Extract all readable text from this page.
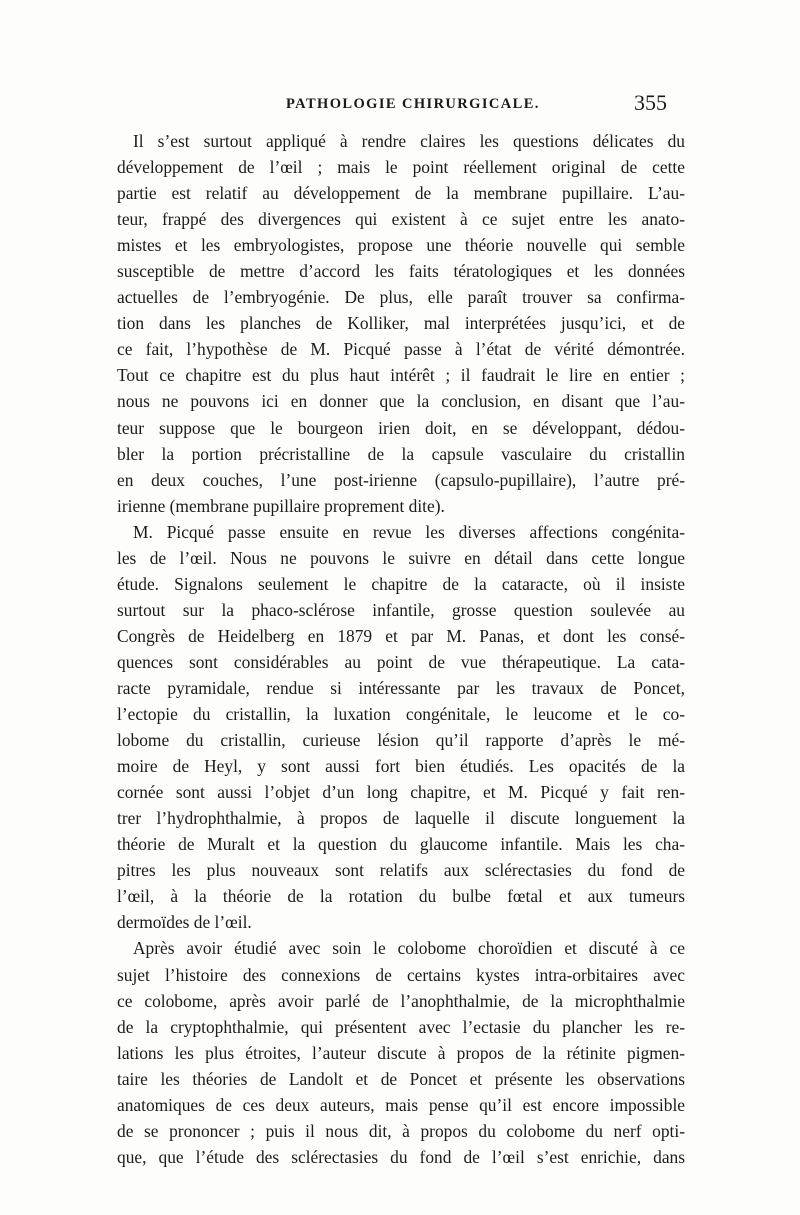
PATHOLOGIE CHIRURGICALE.	355
Il s’est surtout appliqué à rendre claires les questions délicates du
développement de l’œil ; mais le point réellement original de cette
partie est relatif au développement de la membrane pupillaire. L’au-
teur, frappé des divergences qui existent à ce sujet entre les anato-
mistes et les embryologistes, propose une théorie nouvelle qui semble
susceptible de mettre d’accord les faits tératologiques et les données
actuelles de l’embryogénie. De plus, elle paraît trouver sa confirma-
tion dans les planches de Kolliker, mal interprétées jusqu’ici, et de
ce fait, l’hypothèse de M. Picqué passe à l’état de vérité démontrée.
Tout ce chapitre est du plus haut intérêt ; il faudrait le lire en entier ;
nous ne pouvons ici en donner que la conclusion, en disant que l’au-
teur suppose que le bourgeon irien doit, en se développant, dédou-
bler la portion précristalline de la capsule vasculaire du cristallin
en deux couches, l’une post-irienne (capsulo-pupillaire), l’autre pré-
irienne (membrane pupillaire proprement dite).
M. Picqué passe ensuite en revue les diverses affections congénita-
les de l’œil. Nous ne pouvons le suivre en détail dans cette longue
étude. Signalons seulement le chapitre de la cataracte, où il insiste
surtout sur la phaco-sclérose infantile, grosse question soulevée au
Congrès de Heidelberg en 1879 et par M. Panas, et dont les consé-
quences sont considérables au point de vue thérapeutique. La cata-
racte pyramidale, rendue si intéressante par les travaux de Poncet,
l’ectopie du cristallin, la luxation congénitale, le leucome et le co-
lobome du cristallin, curieuse lésion qu’il rapporte d’après le mé-
moire de Heyl, y sont aussi fort bien étudiés. Les opacités de la
cornée sont aussi l’objet d’un long chapitre, et M. Picqué y fait ren-
trer l’hydrophthalmie, à propos de laquelle il discute longuement la
théorie de Muralt et la question du glaucome infantile. Mais les cha-
pitres les plus nouveaux sont relatifs aux sclérectasies du fond de
l’œil, à la théorie de la rotation du bulbe fœtal et aux tumeurs
dermoïdes de l’œil.
Après avoir étudié avec soin le colobome choroïdien et discuté à ce
sujet l’histoire des connexions de certains kystes intra-orbitaires avec
ce colobome, après avoir parlé de l’anophthalmie, de la microphthalmie
de la cryptophthalmie, qui présentent avec l’ectasie du plancher les re-
lations les plus étroites, l’auteur discute à propos de la rétinite pigmen-
taire les théories de Landolt et de Poncet et présente les observations
anatomiques de ces deux auteurs, mais pense qu’il est encore impossible
de se prononcer ; puis il nous dit, à propos du colobome du nerf opti-
que, que l’étude des sclérectasies du fond de l’œil s’est enrichie, dans
